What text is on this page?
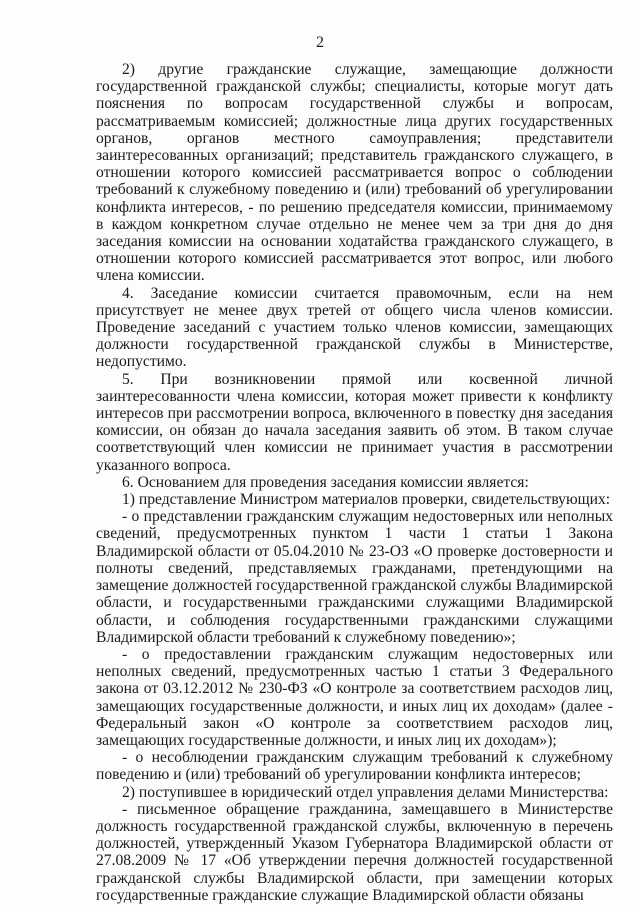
2

2) другие гражданские служащие, замещающие должности государственной гражданской службы; специалисты, которые могут дать пояснения по вопросам государственной службы и вопросам, рассматриваемым комиссией; должностные лица других государственных органов, органов местного самоуправления; представители заинтересованных организаций; представитель гражданского служащего, в отношении которого комиссией рассматривается вопрос о соблюдении требований к служебному поведению и (или) требований об урегулировании конфликта интересов, - по решению председателя комиссии, принимаемому в каждом конкретном случае отдельно не менее чем за три дня до дня заседания комиссии на основании ходатайства гражданского служащего, в отношении которого комиссией рассматривается этот вопрос, или любого члена комиссии.

4. Заседание комиссии считается правомочным, если на нем присутствует не менее двух третей от общего числа членов комиссии. Проведение заседаний с участием только членов комиссии, замещающих должности государственной гражданской службы в Министерстве, недопустимо.

5. При возникновении прямой или косвенной личной заинтересованности члена комиссии, которая может привести к конфликту интересов при рассмотрении вопроса, включенного в повестку дня заседания комиссии, он обязан до начала заседания заявить об этом. В таком случае соответствующий член комиссии не принимает участия в рассмотрении указанного вопроса.

6. Основанием для проведения заседания комиссии является:

1) представление Министром материалов проверки, свидетельствующих:

- о представлении гражданским служащим недостоверных или неполных сведений, предусмотренных пунктом 1 части 1 статьи 1 Закона Владимирской области от 05.04.2010 № 23-ОЗ «О проверке достоверности и полноты сведений, представляемых гражданами, претендующими на замещение должностей государственной гражданской службы Владимирской области, и государственными гражданскими служащими Владимирской области, и соблюдения государственными гражданскими служащими Владимирской области требований к служебному поведению»;

- о предоставлении гражданским служащим недостоверных или неполных сведений, предусмотренных частью 1 статьи 3 Федерального закона от 03.12.2012 № 230-ФЗ «О контроле за соответствием расходов лиц, замещающих государственные должности, и иных лиц их доходам» (далее - Федеральный закон «О контроле за соответствием расходов лиц, замещающих государственные должности, и иных лиц их доходам»);

- о несоблюдении гражданским служащим требований к служебному поведению и (или) требований об урегулировании конфликта интересов;

2) поступившее в юридический отдел управления делами Министерства:

- письменное обращение гражданина, замещавшего в Министерстве должность государственной гражданской службы, включенную в перечень должностей, утвержденный Указом Губернатора Владимирской области от 27.08.2009 № 17 «Об утверждении перечня должностей государственной гражданской службы Владимирской области, при замещении которых государственные гражданские служащие Владимирской области обязаны
